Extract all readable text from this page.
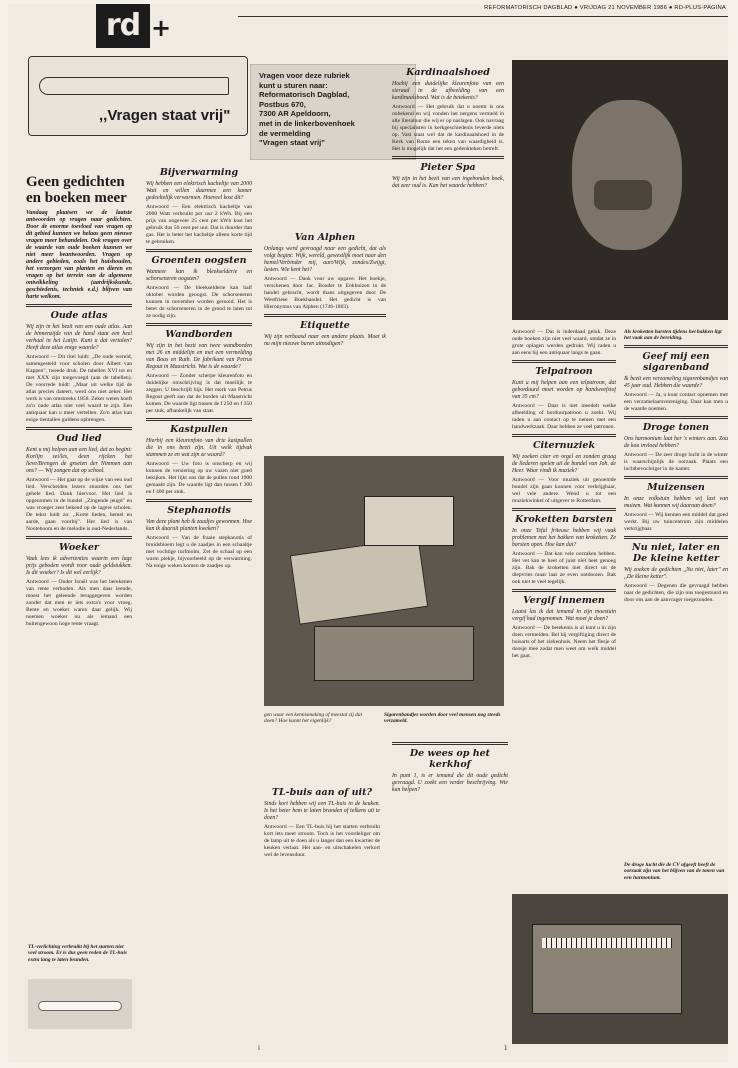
REFORMATORISCH DAGBLAD ● VRIJDAG 21 NOVEMBER 1986 ● RD-PLUS-PAGINA
rd +
,,Vragen staat vrij"
Vragen voor deze rubriek
kunt u sturen naar:
Reformatorisch Dagblad,
Postbus 670,
7300 AR Apeldoorn,
met in de linkerbovenhoek
de vermelding
"Vragen staat vrij"
Geen gedichten en boeken meer
Vandaag plaatsen we de laatste antwoorden op vragen naar gedichten. Door de enorme toevloed van vragen op dit gebied kunnen we helaas geen nieuwe vragen meer behandelen. Ook vragen over de waarde van oude boeken kunnen we niet meer beantwoorden. Vragen op andere gebieden, zoals het huishouden, het verzorgen van planten en dieren en vragen op het terrein van de algemene ontwikkeling (aardrijkskunde, geschiedenis, techniek e.d.) blijven van harte welkom.
Oude atlas
Wij zijn in het bezit van een oude atlas. Aan de binnenzijde van de hand staat een heel verhaal in het Latijn. Kunt u dat vertalen? Heeft deze atlas enige waarde?
Antwoord — Dit titel luidt: ,,De oude wereld, samengesteld voor scholen door Albert van Kappen", tweede druk. De tabellen XVI tot en met XXX zijn toegevoegd (aan de tabellen). De voorrede luidt: ,,Maar uit welke tijd de atlas precies dateert, werd ons niet zeker. Het werk is van omstreeks 1858. Zeker weten hoeft zo'n oude atlas niet veel waard te zijn. Een antiquaar kan u meer vertellen. Zo'n atlas kan enige tientallen guldens opbrengen.
Oud lied
Kent u mij helpen aan een lied, dat zo begint: Korlijn sei/les, deen rijcken het lieve/Brengen de groeten der Nimmen aan ons? — Wij zongen dat op school.
Antwoord — Het gaat op de wijze van een oud lied. Verscheiden lezers stuurden ons het gehele lied. Dank hiervoor. Het lied is opgenomen in de bundel ,,Zingende jeugd" en was vroeger zeer bekend op de lagere scholen. De tekst luidt zo: ,,Korte lieden, hemel en aarde, gaan voorbij". Het lied is van Nooteboom en de melodie is oud-Nederlands.
Woeker
Vaak lees ik advertenties waarin een lage prijs geboden wordt voor oude geldstukken. Is dit woeker? Is dit wel eerlijk?
Antwoord — Onder Israël was het berekenen van rente verboden. Als men daar leende, moest het geleende teruggegeven worden zonder dat men er iets extra's voor vroeg. Rente en woeker waren daar gelijk. Wij noemen woeker nu als iemand een buitengewoon hoge rente vraagt.
TL-verlichting verbruikt bij het starten niet veel stroom. Er is dus geen reden de TL-buis extra lang te laten branden.
Bijverwarming
Wij hebben een elektrisch kacheltje van 2000 Watt en willen daarmee een kamer gedeeltelijk verwarmen. Hoeveel kost dit?
Antwoord — Een elektrisch kacheltje van 2000 Watt verbruikt per uur 2 kWh. Bij een prijs van ongeveer 25 cent per kWh kost het gebruik dus 50 cent per uur. Dat is duurder dan gas. Het is beter het kacheltje alleen korte tijd te gebruiken.
Groenten oogsten
Wanneer kan ik bleekselderie en schorseneren oogsten?
Antwoord — De bleekselderie kan half oktober worden geoogst. De schorseneren kunnen in november worden gerooid. Het is beter de schorseneren in de grond te laten tot ze nodig zijn.
Wandborden
Wij zijn in het bezit van twee wandborden met 26 en middelijn en met een vermelding van Boas en Ruth. De fabrikant van Petrus Regout in Maastricht. Wat is de waarde?
Antwoord — Zonder scherpe kleurenfoto en duidelijke omschrijving is dat moeilijk te zeggen. U beschrijft hijs. Het merk van Petrus Regout geeft aan dat de borden uit Maastricht komen. De waarde ligt tussen de f 250 en f 350 per stuk, afhankelijk van staat.
Kastpullen
Hierbij een kleurenfoto van drie kastpullen die in ons bezit zijn. Uit welk tijdvak stammen ze en wat zijn ze waard?
Antwoord — Uw foto is onscherp en wij kunnen de versiering op uw vazen niet goed bekijken. Het lijkt ons dat de pullen rond 1900 gemaakt zijn. De waarde ligt dan tussen f 300 en f 400 per stuk.
Stephanotis
Van deze plant heb ik zaadjes gewonnen. Hoe kan ik daaruit planten kweken?
Antwoord — Van de fraaie stephanotis of bruidsbloem legt u de zaadjes in een schaaltje met vochtige turfmolm. Zet de schaal op een warm plekje, bijvoorbeeld op de verwarming. Na enige weken komen de zaadjes op.
Van Alphen
Onlangs werd gevraagd naar een gedicht, dat als volgt begint: Wijk, wereld, gewestlijk moet naar den hemel/Verbinder mij, aart/Wijk, zondes/Zwijgt, lusten. Wie kent het?
Antwoord — Dank voor uw opgave. Het boekje, verschenen door Jac. Bouder te Enkhuizen in de handel gebracht, wordt thans uitgegeven door De Westfriese Boekhandel. Het gedicht is van Hieronymus van Alphen (1746-1803).
Etiquette
Wij zijn verbaasd naar een andere plaats. Moet ik nu mijn nieuwe buren uitnodigen?
gen waar een kennismaking of meestal zij dat doen? Hoe kunnt het eigenlijk?
Sigarenbandjes worden door veel mensen nog steeds verzameld.
TL-buis aan of uit?
Sinds kort hebben wij een TL-buis in de keuken. Is het beter hem te laten branden of telkens uit te doen?
Antwoord — Een TL-buis bij het starten verbruikt kort iets meer stroom. Toch is het voordeliger om de lamp uit te doen als u langer dan een kwartier de keuken verlaat. Het aan- en uitschakelen verkort wel de levensduur.
Kardinaalshoed
Hoebij een duidelijke kleurenfoto van een sieraad in de afbeelding van een kardinaalshoed. Wat is de betekenis?
Antwoord — Het gebruik dat u noemt is ons onbekend en wij vonden het nergens vermeld in alle literatuur die wij er op naslagen. Ook navraag bij specialisten in kerkgeschiedenis leverde niets op. Vast staat wel dat de kardinaalshoed in de Kerk van Rome een teken van waardigheid is. Het is mogelijk dat het een gedenkteken betreft.
Pieter Spa
Wij zijn in het bezit van een ingebonden boek, dat zeer oud is. Kan het waarde hebben?
De wees op het kerkhof
In punt 1, is er iemand die dit oude gedicht gevraagd. U zoekt een verder beschrijving. Wie kan helpen?
Antwoord — Dat is inderdaad geluk. Deze oude boeken zijn niet veel waard, omdat ze in grote oplagen werden gedrukt. Wij raden u aan eens bij een antiquaar langs te gaan.
Telpatroon
Kunt u mij helpen aan een telpatroon, dat geborduurd moet worden op handweefstof van 35 cm?
Antwoord — Daar is niet meedelt welke afbeelding of borduurpatroon u zoekt. Wij raden u aan contact op te nemen met een handwerkzaak. Daar hebben ze veel patronen.
Citernuziek
Wij zoeken citer en orgel en zonden graag de liederen spelen uit de bundel van Joh. de Heer. Waar vindt ik muziek?
Antwoord — Voor muziek uit genoemde bundel zijn gaan kunnen voor verkrijgbaar, wel vele andere. Wend u tot een muziekwinkel of uitgever te Rotterdam.
Kroketten barsten
In onze Tefal friteuse hebben wij vaak problemen met het bakken van kroketten. Ze barsten open. Hoe kan dat?
Antwoord — Dat kan vele oorzaken hebben. Het vet kan te heet of juist niet heet genoeg zijn. Bak de kroketten niet direct uit de diepvries maar laat ze even ontdooien. Bak ook niet te veel tegelijk.
Vergif innemen
Laatst las ik dat iemand in zijn moestuin vergif had ingenomen. Wat moet je doen?
Antwoord — De betekenis is al kunt u in zijn doen vermelden. Bel bij vergiftiging direct de huisarts of het ziekenhuis. Neem het flesje of doosje mee zodat men weet om welk middel het gaat.
Als kroketten barsten tijdens het bakken ligt het vaak aan de bereiding.
Geef mij een sigarenband
Ik bezit een verzameling sigarenbandjes van 45 jaar oud. Hebben die waarde?
Antwoord — Ja, u kunt contact opnemen met een verzamelaarsvereniging. Daar kan men u de waarde noemen.
Droge tonen
Ons harmonium laat her 's winters aan. Zou de kou invloed hebben?
Antwoord — De zeer droge lucht in de winter is waarschijnlijk de oorzaak. Plaats een luchtbevochtiger in de kamer.
Muizensen
In onze volkstuin hebben wij last van muizen. Wat kunnen wij daaraan doen?
Antwoord — Wij kennen een middel dat goed werkt. Bij uw tuincentrum zijn middelen verkrijgbaar.
Nu niet, later en De kleine ketter
Wij zoeken de gedichten ,,Nu niet, later" en ,,De kleine ketter".
Antwoord — Degenen die gevraagd hebben naar de gedichten, die zijn ons toegestuurd en door ons aan de aanvrager toegezonden.
De droge lucht die de CV afgeeft heeft de oorzaak zijn van het blijven van de tonen van een harmonium.
i	1
